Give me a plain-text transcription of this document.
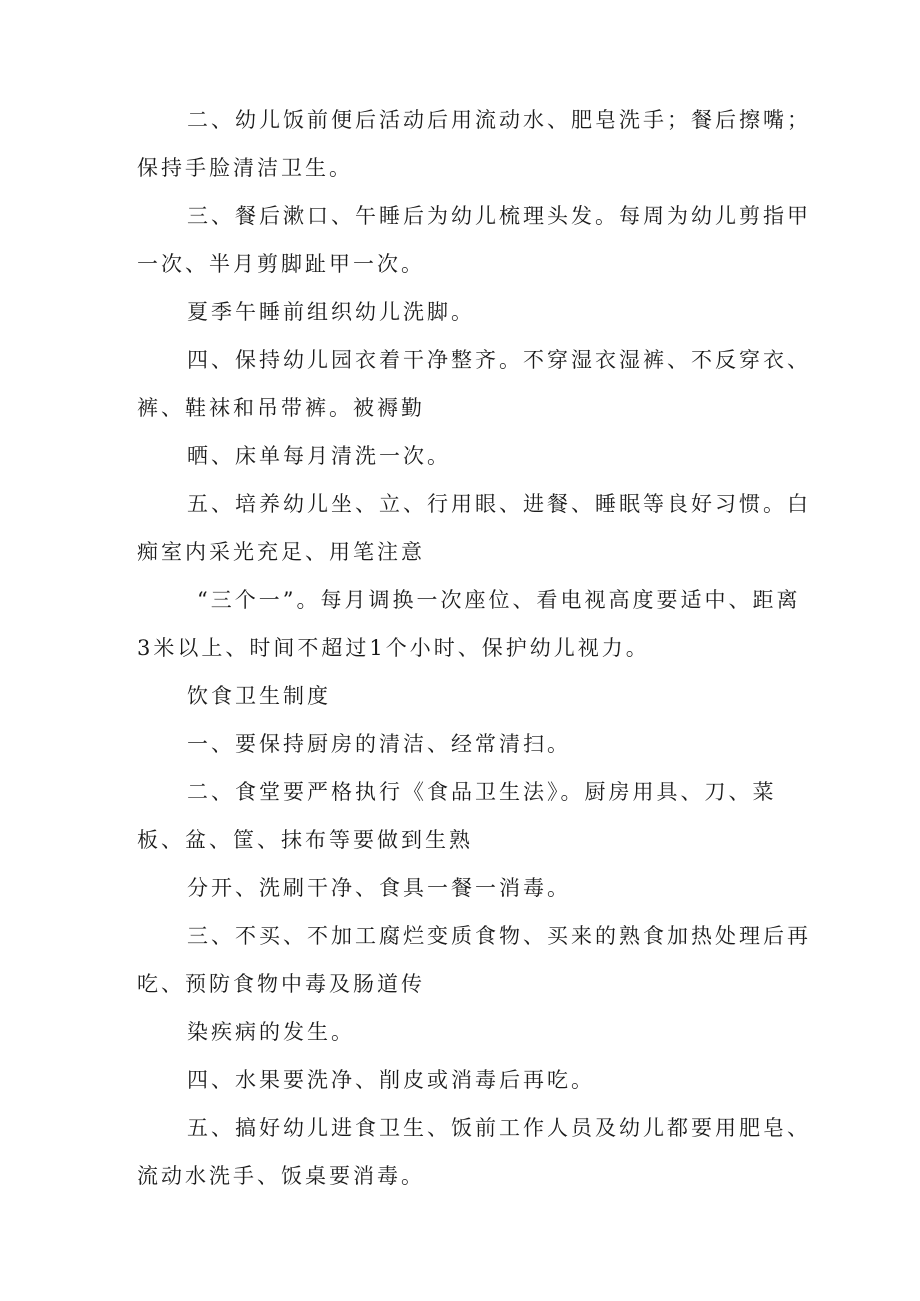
二、幼儿饭前便后活动后用流动水、肥皂洗手；餐后擦嘴；

保持手脸清洁卫生。

三、餐后漱口、午睡后为幼儿梳理头发。每周为幼儿剪指甲

一次、半月剪脚趾甲一次。

夏季午睡前组织幼儿洗脚。

四、保持幼儿园衣着干净整齐。不穿湿衣湿裤、不反穿衣、

裤、鞋袜和吊带裤。被褥勤

晒、床单每月清洗一次。

五、培养幼儿坐、立、行用眼、进餐、睡眠等良好习惯。白

痴室内采光充足、用笔注意

“三个一”。每月调换一次座位、看电视高度要适中、距离

3米以上、时间不超过1个小时、保护幼儿视力。

饮食卫生制度

一、要保持厨房的清洁、经常清扫。

二、食堂要严格执行《食品卫生法》。厨房用具、刀、菜

板、盆、筐、抹布等要做到生熟

分开、洗刷干净、食具一餐一消毒。

三、不买、不加工腐烂变质食物、买来的熟食加热处理后再

吃、预防食物中毒及肠道传

染疾病的发生。

四、水果要洗净、削皮或消毒后再吃。

五、搞好幼儿进食卫生、饭前工作人员及幼儿都要用肥皂、

流动水洗手、饭桌要消毒。
